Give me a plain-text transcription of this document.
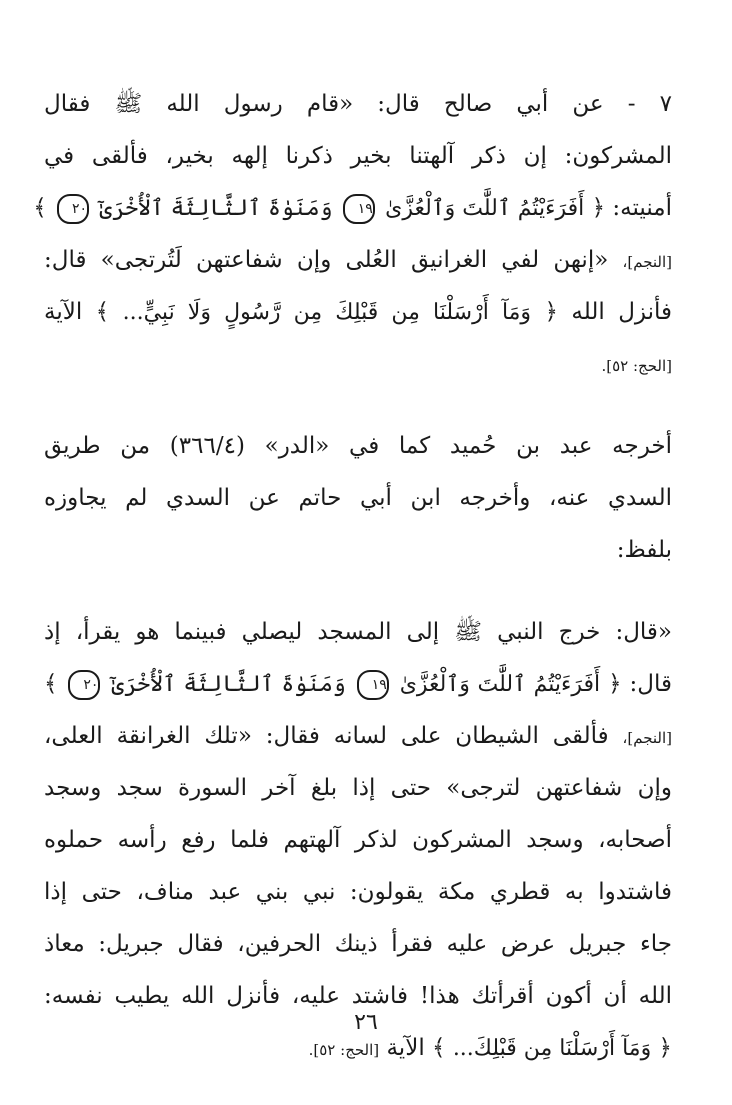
٧ - عن أبي صالح قال: «قام رسول الله ﷺ فقال
المشركون: إن ذكر آلهتنا بخير ذكرنا إلهه بخير، فألقى في
أمنيته: ﴿ أَفَرَءَيْتُمُ ٱللَّٰتَ وَٱلْعُزَّىٰ ١٩ وَمَنَوٰةَ ٱلثَّالِثَةَ ٱلْأُخْرَىٰٓ ٢٠ ﴾
[النجم]، «إنهن لفي الغرانيق العُلى وإن شفاعتهن لَتُرتجى» قال:
فأنزل الله ﴿ وَمَآ أَرْسَلْنَا مِن قَبْلِكَ مِن رَّسُولٍ وَلَا نَبِيٍّ... ﴾ الآية
[الحج: ٥٢].
أخرجه عبد بن حُميد كما في «الدر» (٣٦٦/٤) من طريق
السدي عنه، وأخرجه ابن أبي حاتم عن السدي لم يجاوزه
بلفظ:
«قال: خرج النبي ﷺ إلى المسجد ليصلي فبينما هو يقرأ، إذ
قال: ﴿ أَفَرَءَيْتُمُ ٱللَّٰتَ وَٱلْعُزَّىٰ ١٩ وَمَنَوٰةَ ٱلثَّالِثَةَ ٱلْأُخْرَىٰٓ ٢٠ ﴾
[النجم]، فألقى الشيطان على لسانه فقال: «تلك الغرانقة العلى،
وإن شفاعتهن لترجى» حتى إذا بلغ آخر السورة سجد وسجد
أصحابه، وسجد المشركون لذكر آلهتهم فلما رفع رأسه حملوه
فاشتدوا به قطري مكة يقولون: نبي بني عبد مناف، حتى إذا
جاء جبريل عرض عليه فقرأ ذينك الحرفين، فقال جبريل: معاذ
الله أن أكون أقرأتك هذا! فاشتد عليه، فأنزل الله يطيب نفسه:
﴿ وَمَآ أَرْسَلْنَا مِن قَبْلِكَ... ﴾ الآية [الحج: ٥٢].
٢٦
